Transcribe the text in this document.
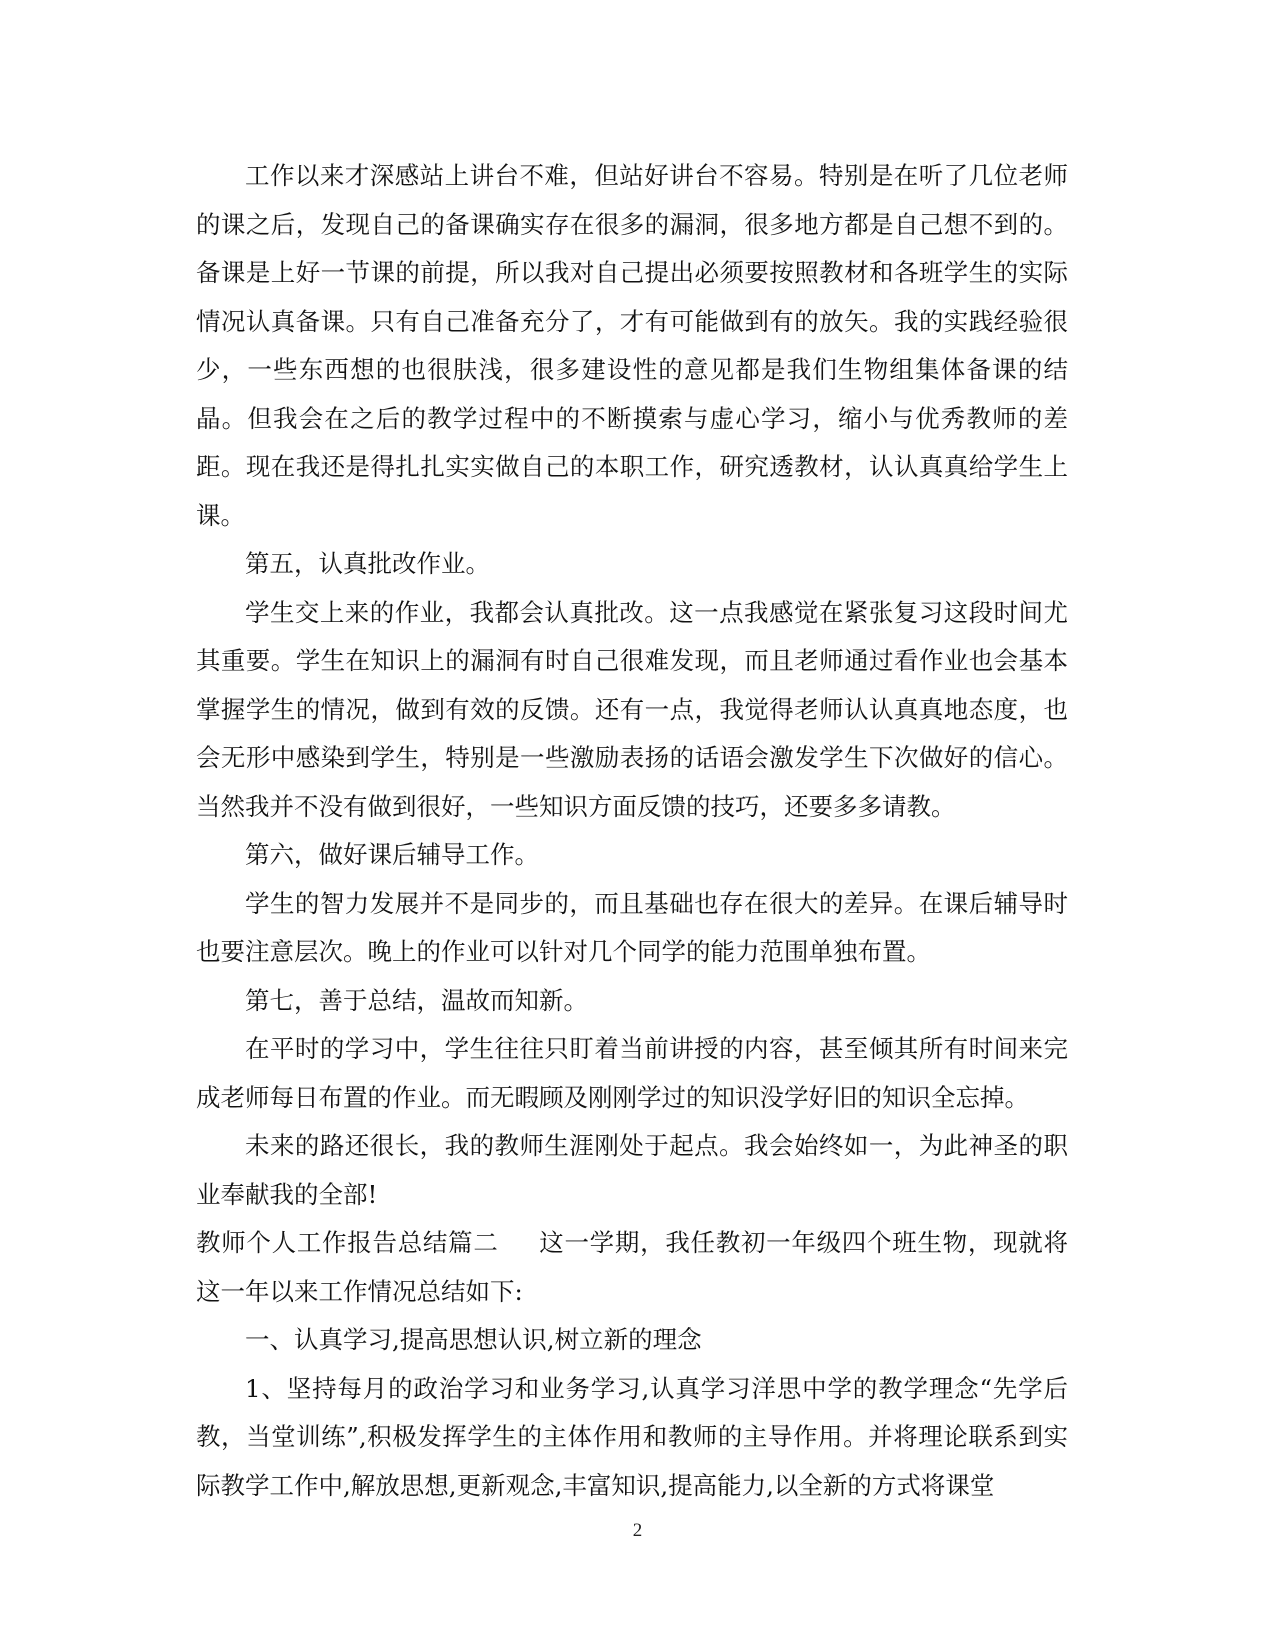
工作以来才深感站上讲台不难，但站好讲台不容易。特别是在听了几位老师的课之后，发现自己的备课确实存在很多的漏洞，很多地方都是自己想不到的。备课是上好一节课的前提，所以我对自己提出必须要按照教材和各班学生的实际情况认真备课。只有自己准备充分了，才有可能做到有的放矢。我的实践经验很少，一些东西想的也很肤浅，很多建设性的意见都是我们生物组集体备课的结晶。但我会在之后的教学过程中的不断摸索与虚心学习，缩小与优秀教师的差距。现在我还是得扎扎实实做自己的本职工作，研究透教材，认认真真给学生上课。

第五，认真批改作业。

学生交上来的作业，我都会认真批改。这一点我感觉在紧张复习这段时间尤其重要。学生在知识上的漏洞有时自己很难发现，而且老师通过看作业也会基本掌握学生的情况，做到有效的反馈。还有一点，我觉得老师认认真真地态度，也会无形中感染到学生，特别是一些激励表扬的话语会激发学生下次做好的信心。当然我并不没有做到很好，一些知识方面反馈的技巧，还要多多请教。

第六，做好课后辅导工作。

学生的智力发展并不是同步的，而且基础也存在很大的差异。在课后辅导时也要注意层次。晚上的作业可以针对几个同学的能力范围单独布置。

第七，善于总结，温故而知新。

在平时的学习中，学生往往只盯着当前讲授的内容，甚至倾其所有时间来完成老师每日布置的作业。而无暇顾及刚刚学过的知识没学好旧的知识全忘掉。

未来的路还很长，我的教师生涯刚处于起点。我会始终如一，为此神圣的职业奉献我的全部!

教师个人工作报告总结篇二 这一学期，我任教初一年级四个班生物，现就将这一年以来工作情况总结如下:

一、认真学习,提高思想认识,树立新的理念

1、坚持每月的政治学习和业务学习,认真学习洋思中学的教学理念“先学后教，当堂训练”,积极发挥学生的主体作用和教师的主导作用。并将理论联系到实际教学工作中,解放思想,更新观念,丰富知识,提高能力,以全新的方式将课堂

2
